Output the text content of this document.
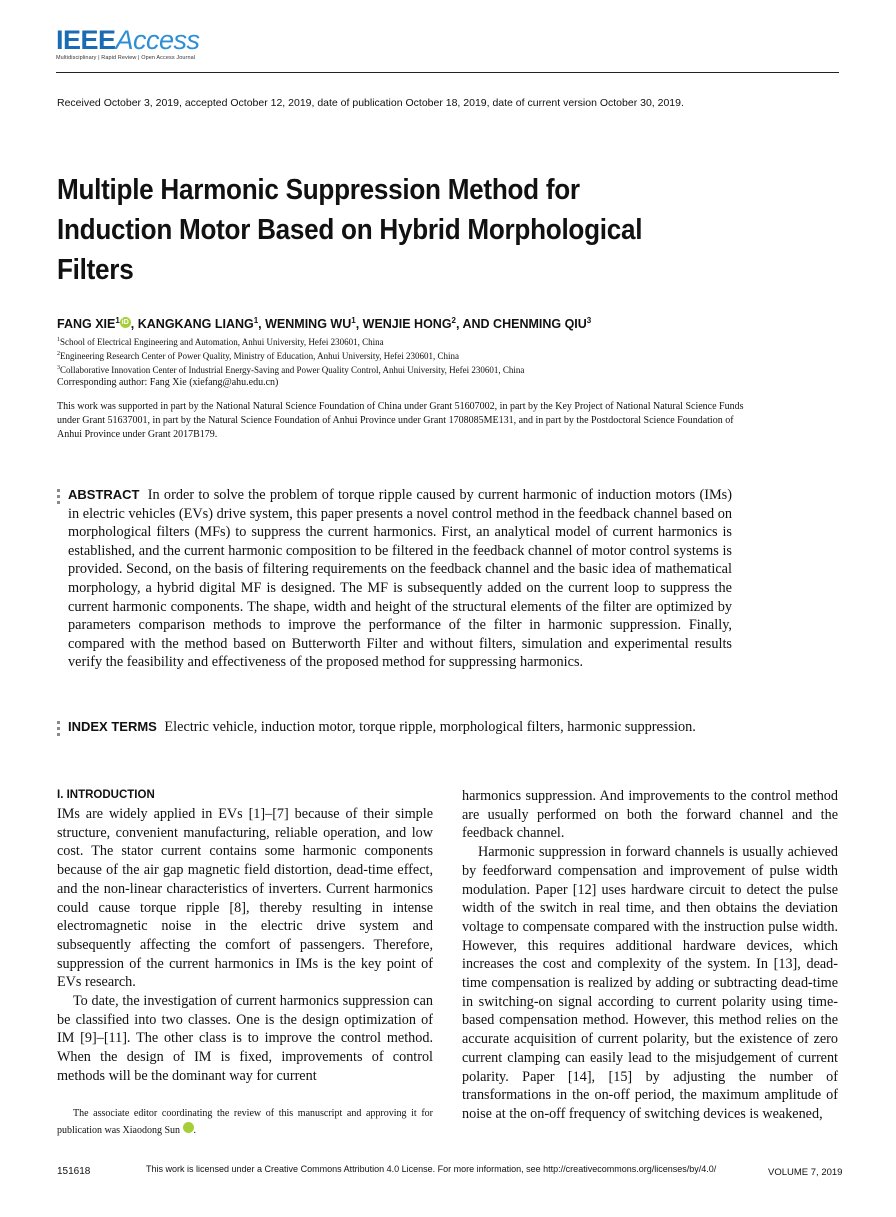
IEEEAccess
Multidisciplinary | Rapid Review | Open Access Journal
Received October 3, 2019, accepted October 12, 2019, date of publication October 18, 2019, date of current version October 30, 2019.
Multiple Harmonic Suppression Method for Induction Motor Based on Hybrid Morphological Filters
FANG XIE$^1$ iD , KANGKANG LIANG$^1$, WENMING $WU^1$, WENJIE HONG$^2$, AND CHENMING QIU$^3$
$^1$School of Electrical Engineering and Automation, Anhui University, Hefei 230601, China
$^2$Engineering Research Center of Power Quality, Ministry of Education, Anhui University, Hefei 230601, China
$^3$Collaborative Innovation Center of Industrial Energy-Saving and Power Quality Control, Anhui University, Hefei 230601, China
Corresponding author: Fang Xie (xiefang@ahu.edu.cn)
This work was supported in part by the National Natural Science Foundation of China under Grant 51607002, in part by the Key Project of National Natural Science Funds under Grant 51637001, in part by the Natural Science Foundation of Anhui Province under Grant 1708085ME131, and in part by the Postdoctoral Science Foundation of Anhui Province under Grant 2017B179.
ABSTRACT In order to solve the problem of torque ripple caused by current harmonic of induction motors (IMs) in electric vehicles (EVs) drive system, this paper presents a novel control method in the feedback channel based on morphological filters (MFs) to suppress the current harmonics. First, an analytical model of current harmonics is established, and the current harmonic composition to be filtered in the feedback channel of motor control systems is provided. Second, on the basis of filtering requirements on the feedback channel and the basic idea of mathematical morphology, a hybrid digital MF is designed. The MF is subsequently added on the current loop to suppress the current harmonic components. The shape, width and height of the structural elements of the filter are optimized by parameters comparison methods to improve the performance of the filter in harmonic suppression. Finally, compared with the method based on Butterworth Filter and without filters, simulation and experimental results verify the feasibility and effectiveness of the proposed method for suppressing harmonics.
INDEX TERMS Electric vehicle, induction motor, torque ripple, morphological filters, harmonic suppression.
I. INTRODUCTION

IMs are widely applied in EVs [1]–[7] because of their simple structure, convenient manufacturing, reliable operation, and low cost. The stator current contains some harmonic components because of the air gap magnetic field distortion, dead-time effect, and the non-linear characteristics of inverters. Current harmonics could cause torque ripple [8], thereby resulting in intense electromagnetic noise in the electric drive system and subsequently affecting the comfort of passengers. Therefore, suppression of the current harmonics in IMs is the key point of EVs research.

To date, the investigation of current harmonics suppression can be classified into two classes. One is the design optimization of IM [9]–[11]. The other class is to improve the control method. When the design of IM is fixed, improvements of control methods will be the dominant way for current

harmonics suppression. And improvements to the control method are usually performed on both the forward channel and the feedback channel.

Harmonic suppression in forward channels is usually achieved by feedforward compensation and improvement of pulse width modulation. Paper [12] uses hardware circuit to detect the pulse width of the switch in real time, and then obtains the deviation voltage to compensate compared with the instruction pulse width. However, this requires additional hardware devices, which increases the cost and complexity of the system. In [13], dead-time compensation is realized by adding or subtracting dead-time in switching-on signal according to current polarity using time-based compensation method. However, this method relies on the accurate acquisition of current polarity, but the existence of zero current clamping can easily lead to the misjudgement of current polarity. Paper [14], [15] by adjusting the number of transformations in the on-off period, the maximum amplitude of noise at the on-off frequency of switching devices is weakened,

The associate editor coordinating the review of this manuscript and approving it for publication was Xiaodong Sun	iD.
151618	This work is licensed under a Creative Commons Attribution 4.0 License. For more information, see http://creativecommons.org/licenses/by/4.0/	VOLUME 7, 2019
